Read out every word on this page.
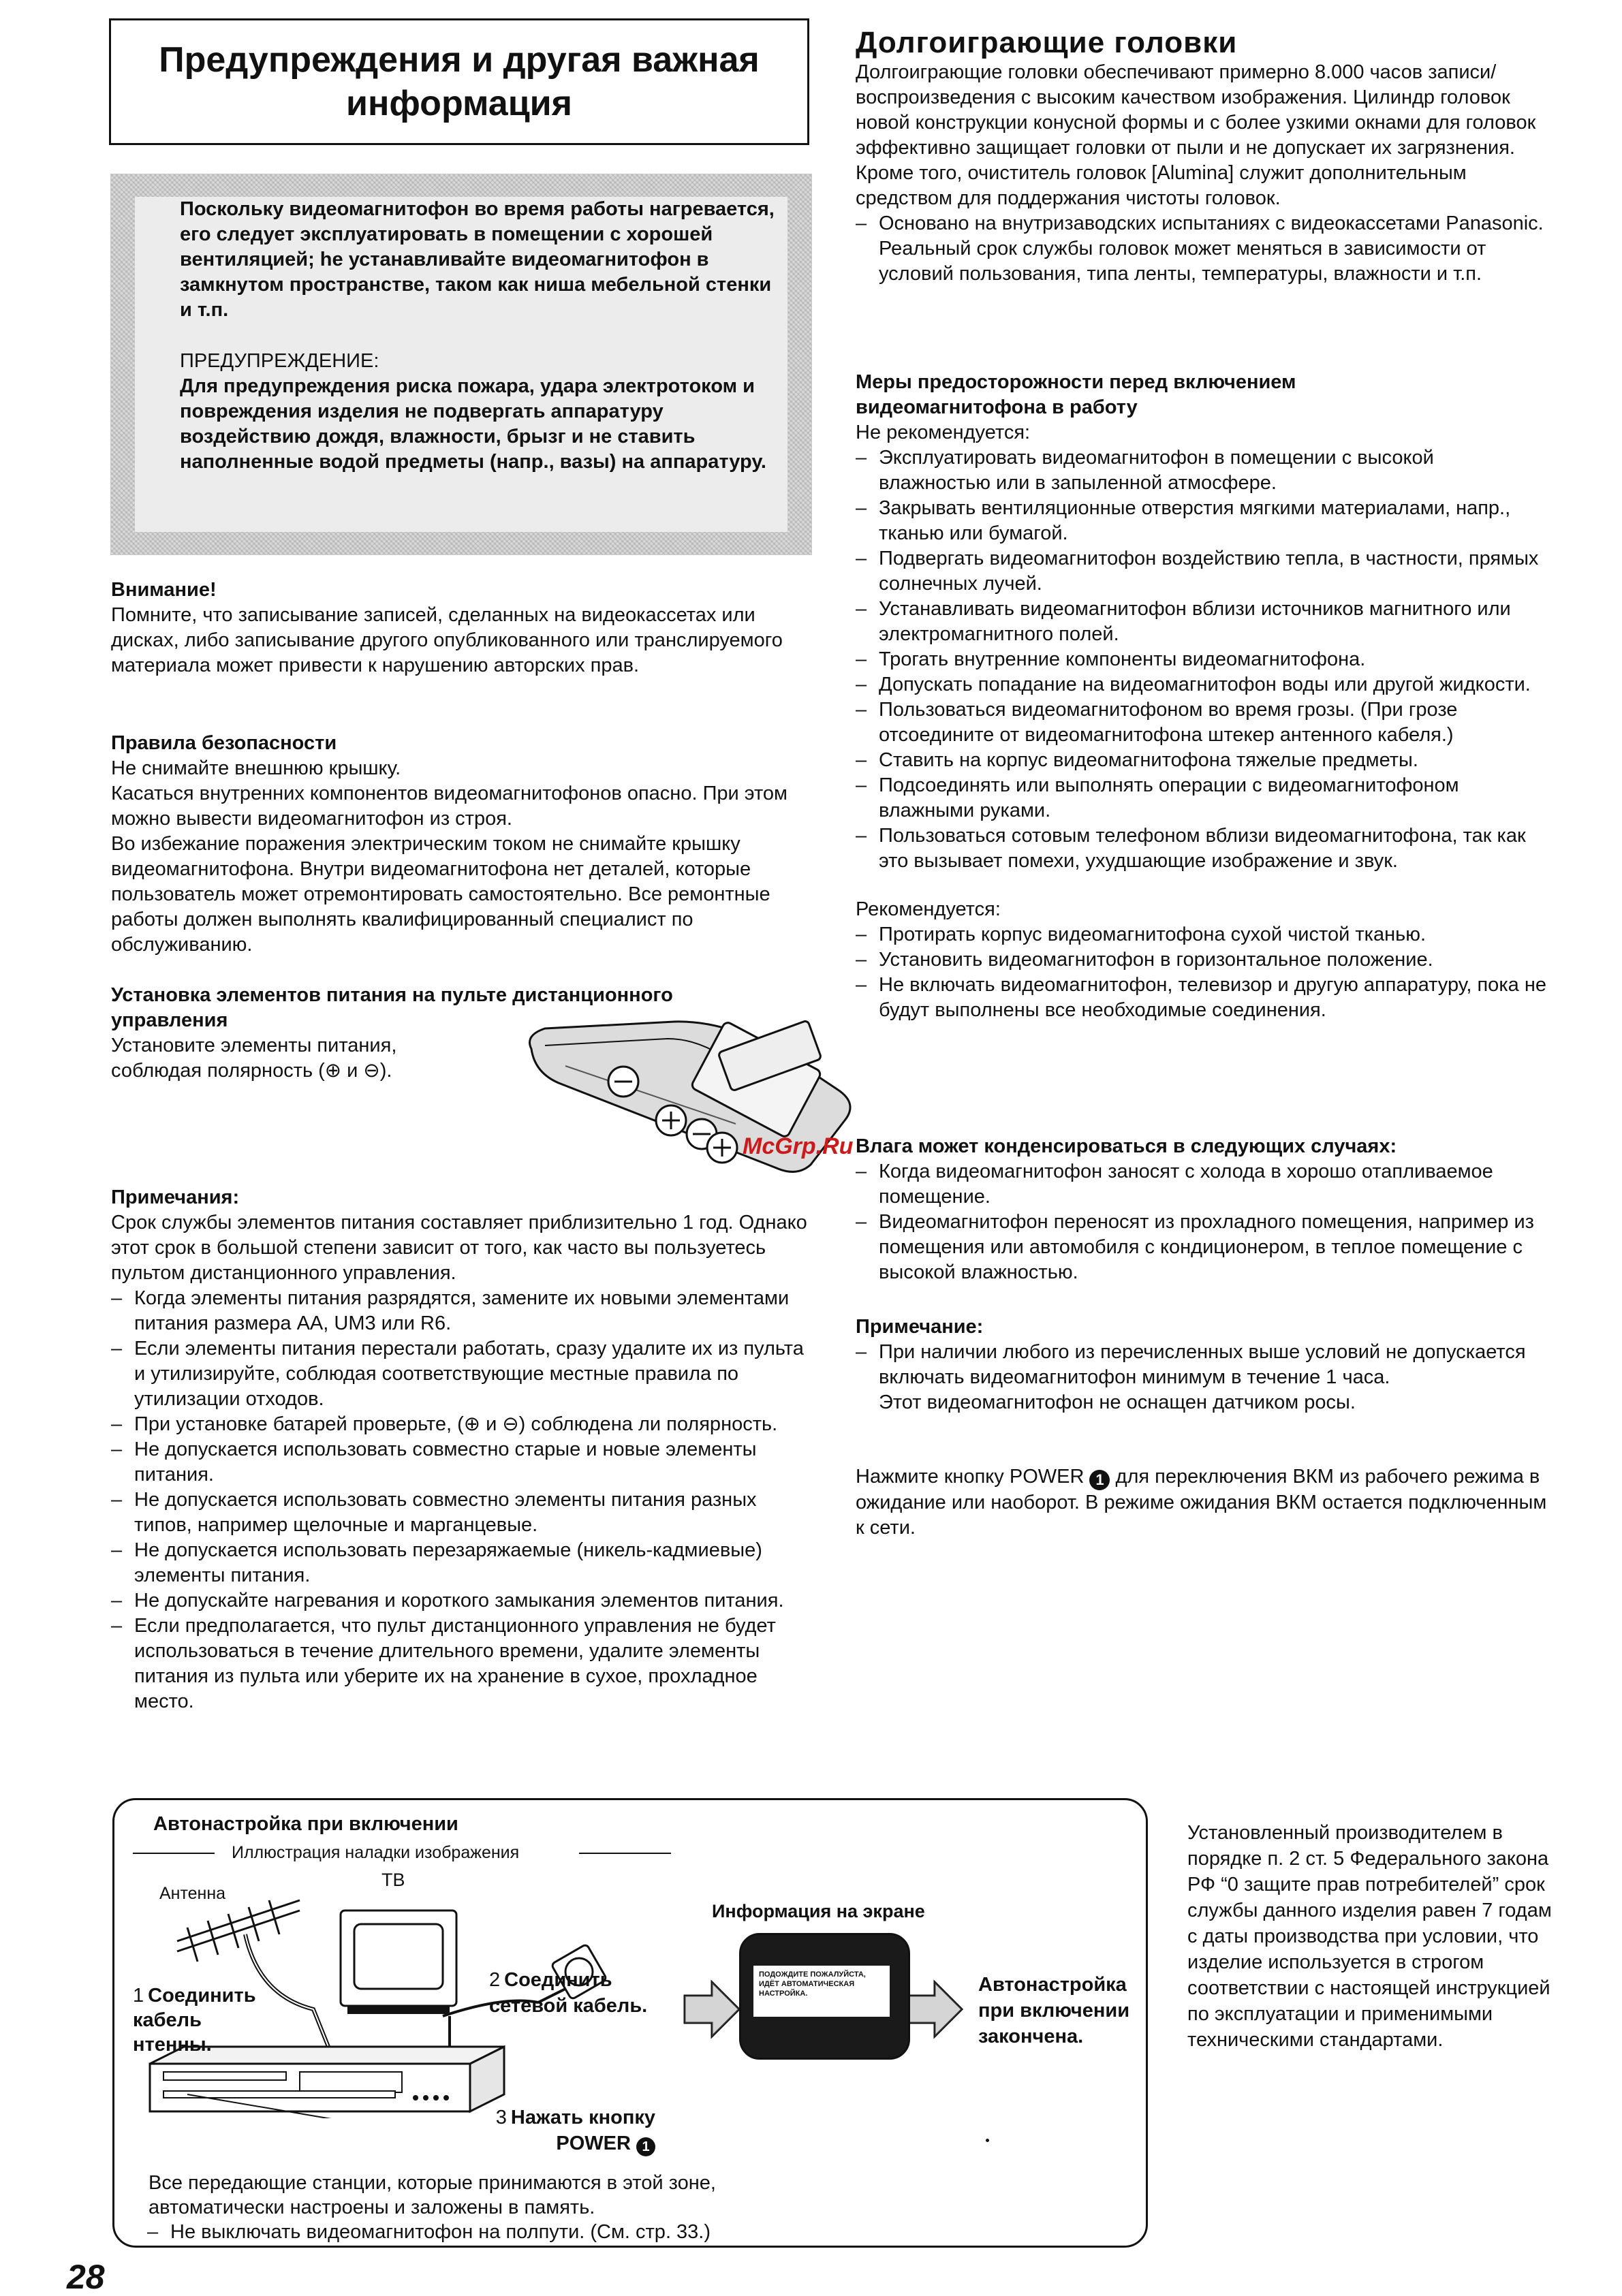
Предупреждения и другая важная информация

Поскольку видеомагнитофон во время работы нагревается, его следует эксплуатировать в помещении с хорошей вентиляцией; he устанавливайте видеомагнитофон в замкнутом пространстве, таком как ниша мебельной стенки и т.п.

ПРЕДУПРЕЖДЕНИЕ:

Для предупреждения риска пожара, удара электротоком и повреждения изделия не подвергать аппаратуру воздействию дождя, влажности, брызг и не ставить наполненные водой предметы (напр., вазы) на аппаратуру.

Внимание!

Помните, что записывание записей, сделанных на видеокассетах или дисках, либо записывание другого опубликованного или транслируемого материала может привести к нарушению авторских прав.

Правила безопасности

Не снимайте внешнюю крышку.

Касаться внутренних компонентов видеомагнитофонов опасно. При этом можно вывести видеомагнитофон из строя.

Во избежание поражения электрическим током не снимайте крышку видеомагнитофона. Внутри видеомагнитофона нет деталей, которые пользователь может отремонтировать самостоятельно. Все ремонтные работы должен выполнять квалифицированный специалист по обслуживанию.

Установка элементов питания на пульте дистанционного управления

Установите элементы питания,

соблюдая полярность (⊕ и ⊖).

McGrp.Ru

Примечания:

Срок службы элементов питания составляет приблизительно 1 год. Однако этот срок в большой степени зависит от того, как часто вы пользуетесь пультом дистанционного управления.

– Когда элементы питания разрядятся, замените их новыми элементами питания размера АА, UM3 или R6.
– Если элементы питания перестали работать, сразу удалите их из пульта и утилизируйте, соблюдая соответствующие местные правила по утилизации отходов.
– При установке батарей проверьте, (⊕ и ⊖) соблюдена ли полярность.
– Не допускается использовать совместно старые и новые элементы питания.
– Не допускается использовать совместно элементы питания разных типов, например щелочные и марганцевые.
– Не допускается использовать перезаряжаемые (никель-кадмиевые) элементы питания.
– Не допускайте нагревания и короткого замыкания элементов питания.
– Если предполагается, что пульт дистанционного управления не будет использоваться в течение длительного времени, удалите элементы питания из пульта или уберите их на хранение в сухое, прохладное место.

Долгоиграющие головки

Долгоиграющие головки обеспечивают примерно 8.000 часов записи/воспроизведения с высоким качеством изображения. Цилиндр головок новой конструкции конусной формы и с более узкими окнами для головок эффективно защищает головки от пыли и не допускает их загрязнения.

Кроме того, очиститель головок [Alumina] служит дополнительным средством для поддержания чистоты головок.

– Основано на внутризаводских испытаниях с видеокассетами Panasonic. Реальный срок службы головок может меняться в зависимости от условий пользования, типа ленты, температуры, влажности и т.п.

Меры предосторожности перед включением видеомагнитофона в работу

Не рекомендуется:

– Эксплуатировать видеомагнитофон в помещении с высокой влажностью или в запыленной атмосфере.
– Закрывать вентиляционные отверстия мягкими материалами, напр., тканью или бумагой.
– Подвергать видеомагнитофон воздействию тепла, в частности, прямых солнечных лучей.
– Устанавливать видеомагнитофон вблизи источников магнитного или электромагнитного полей.
– Трогать внутренние компоненты видеомагнитофона.
– Допускать попадание на видеомагнитофон воды или другой жидкости.
– Пользоваться видеомагнитофоном во время грозы. (При грозе отсоедините от видеомагнитофона штекер антенного кабеля.)
– Ставить на корпус видеомагнитофона тяжелые предметы.
– Подсоединять или выполнять операции с видеомагнитофоном влажными руками.
– Пользоваться сотовым телефоном вблизи видеомагнитофона, так как это вызывает помехи, ухудшающие изображение и звук.

Рекомендуется:

– Протирать корпус видеомагнитофона сухой чистой тканью.
– Установить видеомагнитофон в горизонтальное положение.
– Не включать видеомагнитофон, телевизор и другую аппаратуру, пока не будут выполнены все необходимые соединения.

Влага может конденсироваться в следующих случаях:

– Когда видеомагнитофон заносят с холода в хорошо отапливаемое помещение.
– Видеомагнитофон переносят из прохладного помещения, например из помещения или автомобиля с кондиционером, в теплое помещение с высокой влажностью.

Примечание:

– При наличии любого из перечисленных выше условий не допускается включать видеомагнитофон минимум в течение 1 часа.

Этот видеомагнитофон не оснащен датчиком росы.

Нажмите кнопку POWER 1 для переключения ВКМ из рабочего режима в ожидание или наоборот. В режиме ожидания ВКМ остается подключенным к сети.

Автонастройка при включении
Иллюстрация наладки изображения
Антенна
ТВ
1 Соединить кабель нтенны.
2 Соединить сетевой кабель.
3 Нажать кнопку POWER 1
Информация на экране
ПОДОЖДИТЕ ПОЖАЛУЙСТА, ИДЁТ АВТОМАТИЧЕСКАЯ НАСТРОЙКА.	Автонастройка при включении закончена.

Все передающие станции, которые принимаются в этой зоне, автоматически настроены и заложены в память.

– Не выключать видеомагнитофон на полпути. (См. стр. 33.)
Установленный производителем в порядке п. 2 ст. 5 Федерального закона РФ “0 защите прав потребителей” срок службы данного изделия равен 7 годам с даты производства при условии, что изделие используется в строгом соответствии с настоящей инструкцией по эксплуатации и применимыми техническими стандартами.
28
